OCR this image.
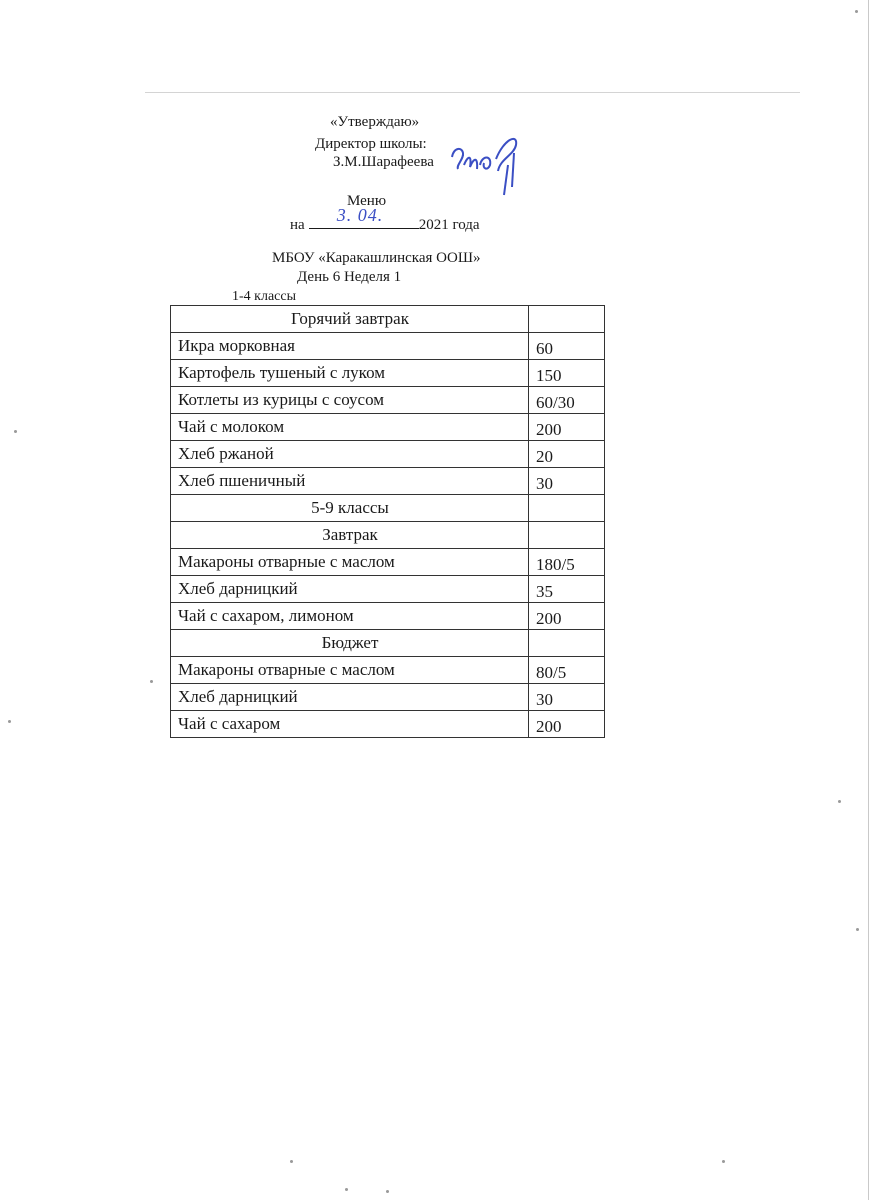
«Утверждаю»
Директор школы:
З.М.Шарафеева
Меню
на 3. 04. 2021 года
МБОУ «Каракашлинская ООШ»
День 6 Неделя 1
1-4 классы
Горячий завтрак	
Икра морковная	60
Картофель тушеный с луком	150
Котлеты из курицы с соусом	60/30
Чай с молоком	200
Хлеб ржаной	20
Хлеб пшеничный	30
5-9 классы	
Завтрак	
Макароны отварные с маслом	180/5
Хлеб дарницкий	35
Чай с сахаром, лимоном	200
Бюджет	
Макароны отварные с маслом	80/5
Хлеб дарницкий	30
Чай с сахаром	200
